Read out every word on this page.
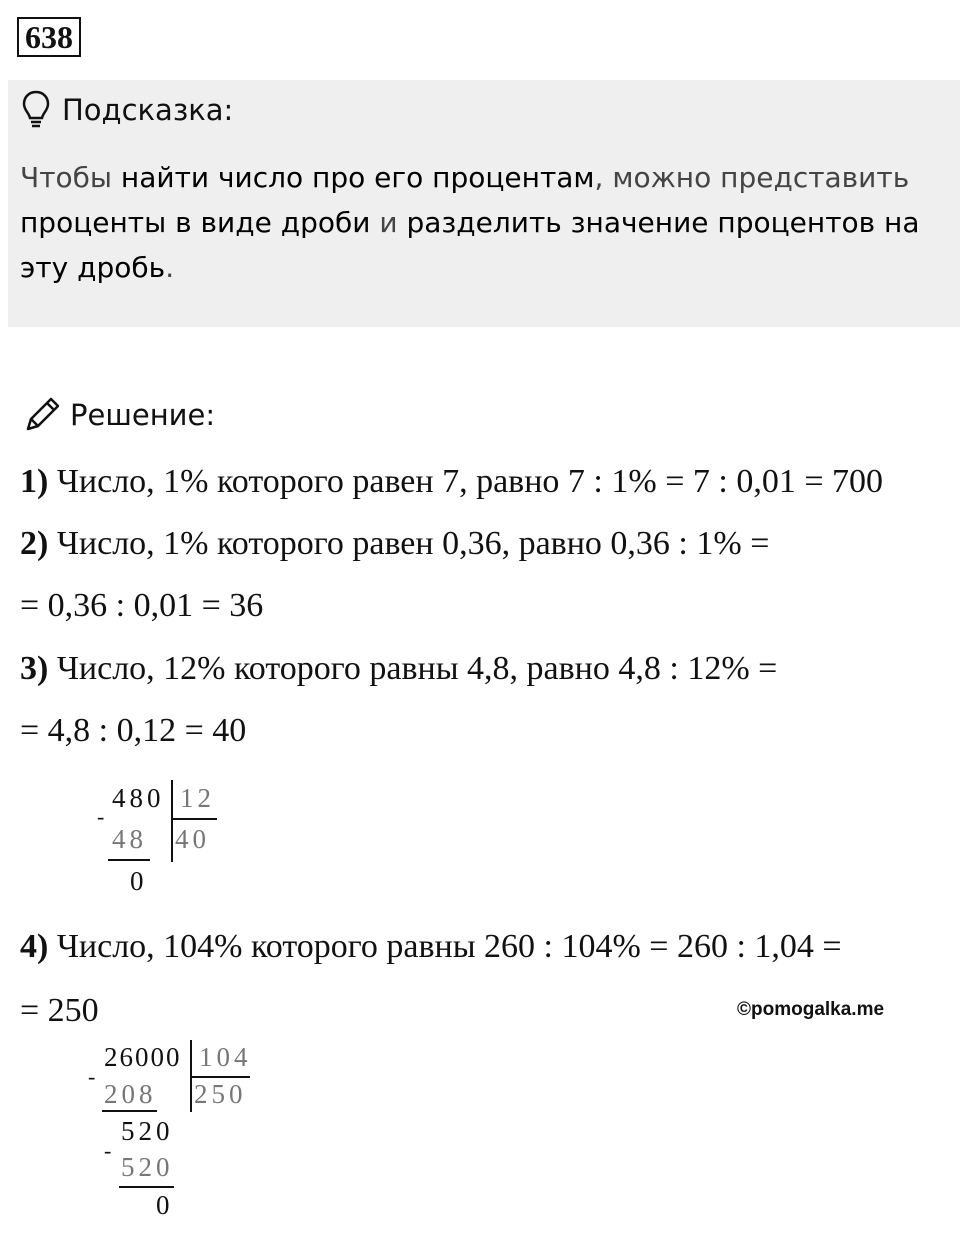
638
Подсказка:
Чтобы найти число про его процентам, можно представить проценты в виде дроби и разделить значение процентов на эту дробь.
Решение:
1) Число, 1% которого равен 7, равно 7 : 1% = 7 : 0,01 = 700
2) Число, 1% которого равен 0,36, равно 0,36 : 1% =
= 0,36 : 0,01 = 36
3) Число, 12% которого равны 4,8, равно 4,8 : 12% =
= 4,8 : 0,12 = 40
480 12
-
48 40
0
4) Число, 104% которого равны 260 : 104% = 260 : 1,04 =
= 250	©pomogalka.me
26000 104
-
208 250
520
-
520
0
